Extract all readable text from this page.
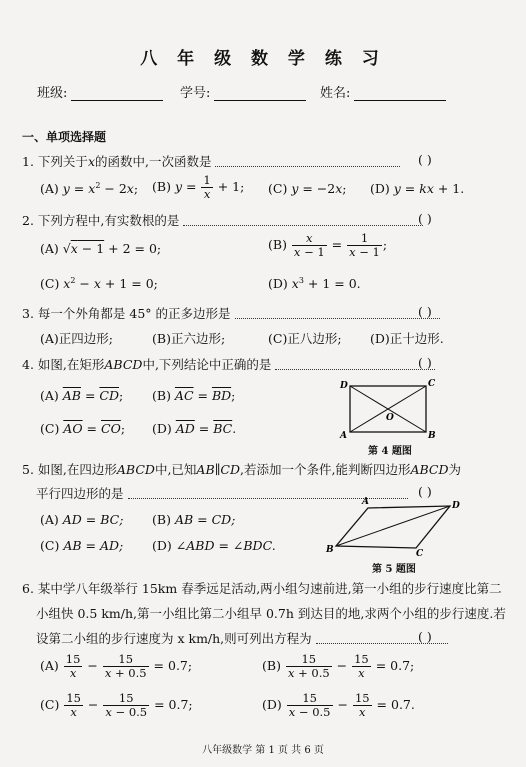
八 年 级 数 学 练 习
班级:	学号:	姓名:
一、单项选择题
1. 下列关于x的函数中,一次函数是	( )
(A) $y = x^2 - 2x$; (B) $y = \frac{1}{x} + 1$; (C) y = −2x; (D) y = kx + 1.
2. 下列方程中,有实数根的是	( )
(A) √x − 1 + 2 = 0;	$(B) \frac{x}{x - 1} = \frac{1}{x - 1}$ ;
(C) $x^2 - x + 1 = 0$;	(D) $x^3 + 1 = 0$.
3. 每一个外角都是 45° 的正多边形是	( )
(A)正四边形;	(B)正六边形;	(C)正八边形; (D)正十边形.
4. 如图,在矩形ABCD中,下列结论中正确的是	( )
(A) $\overline{AB} = \overline{CD}$; (B) $\overline{AC} = \overline{BD}$;
(C) $\overline{AO} = \overline{CO}$; (D) $\overline{AD} = \overline{BC}$.
D	C
A	B
O
第 4 题图
5. 如图,在四边形ABCD中,已知AB∥CD,若添加一个条件,能判断四边形ABCD为
平行四边形的是	( )
(A) AD = BC; (B) AB = CD;
(C) AB = AD; (D) ∠ABD = ∠BDC.
A	D
B	C
第 5 题图
6. 某中学八年级举行 15km 春季远足活动,两小组匀速前进,第一小组的步行速度比第二
小组快 0.5 km/h,第一小组比第二小组早 0.7h 到达目的地,求两个小组的步行速度.若
设第二小组的步行速度为 x km/h,则可列出方程为	( )
$(A) \frac{15}{x} - \frac{15}{x + 0.5} = 0.7$;	$(B) \frac{15}{x + 0.5} - \frac{15}{x} = 0.7$;
$(C) \frac{15}{x} - \frac{15}{x - 0.5} = 0.7$;	$(D) \frac{15}{x - 0.5} - \frac{15}{x} = 0.7$.
八年级数学 第 1 页 共 6 页
